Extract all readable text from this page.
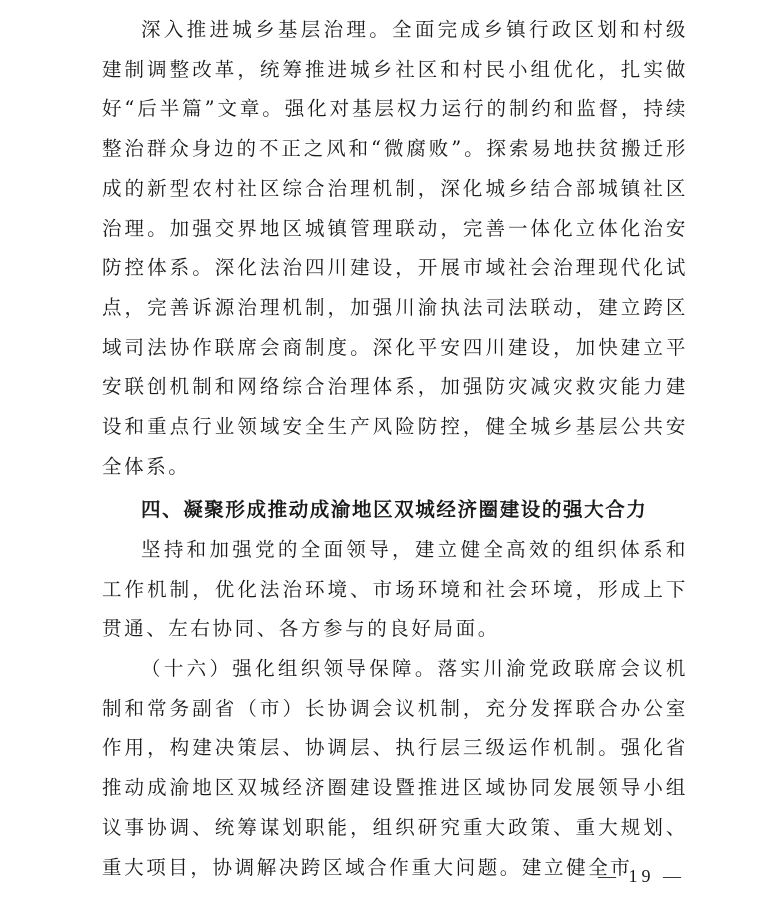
深入推进城乡基层治理。全面完成乡镇行政区划和村级建制调整改革，统筹推进城乡社区和村民小组优化，扎实做好“后半篇”文章。强化对基层权力运行的制约和监督，持续整治群众身边的不正之风和“微腐败”。探索易地扶贫搬迁形成的新型农村社区综合治理机制，深化城乡结合部城镇社区治理。加强交界地区城镇管理联动，完善一体化立体化治安防控体系。深化法治四川建设，开展市域社会治理现代化试点，完善诉源治理机制，加强川渝执法司法联动，建立跨区域司法协作联席会商制度。深化平安四川建设，加快建立平安联创机制和网络综合治理体系，加强防灾减灾救灾能力建设和重点行业领域安全生产风险防控，健全城乡基层公共安全体系。
四、凝聚形成推动成渝地区双城经济圈建设的强大合力
坚持和加强党的全面领导，建立健全高效的组织体系和工作机制，优化法治环境、市场环境和社会环境，形成上下贯通、左右协同、各方参与的良好局面。
（十六）强化组织领导保障。落实川渝党政联席会议机制和常务副省（市）长协调会议机制，充分发挥联合办公室作用，构建决策层、协调层、执行层三级运作机制。强化省推动成渝地区双城经济圈建设暨推进区域协同发展领导小组议事协调、统筹谋划职能，组织研究重大政策、重大规划、重大项目，协调解决跨区域合作重大问题。建立健全市
— 19 —
